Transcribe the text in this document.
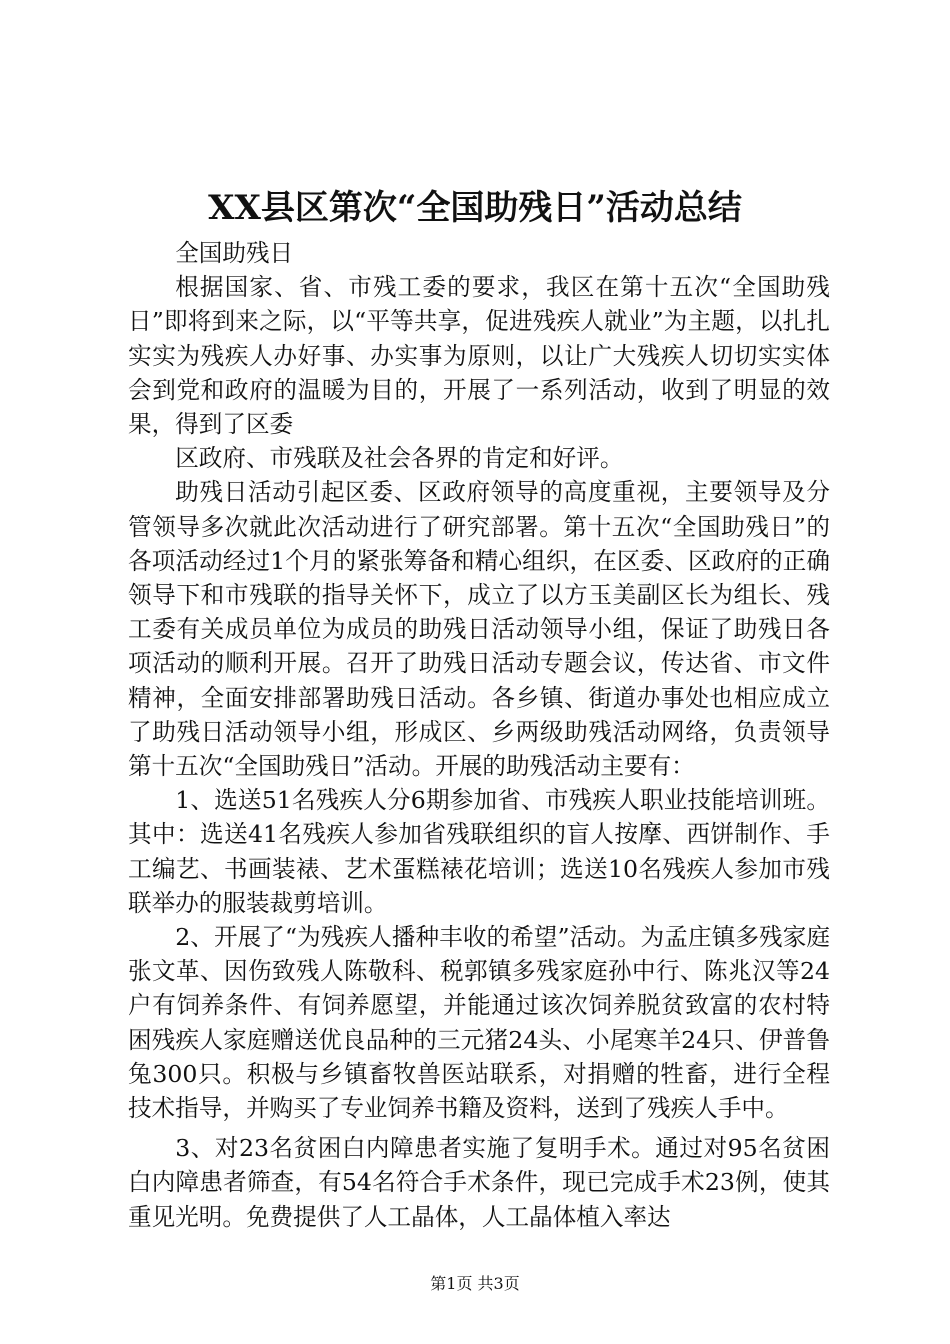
XX县区第次“全国助残日”活动总结

全国助残日

根据国家、省、市残工委的要求，我区在第十五次“全国助残日”即将到来之际，以“平等共享，促进残疾人就业”为主题，以扎扎实实为残疾人办好事、办实事为原则，以让广大残疾人切切实实体会到党和政府的温暖为目的，开展了一系列活动，收到了明显的效果，得到了区委

区政府、市残联及社会各界的肯定和好评。

助残日活动引起区委、区政府领导的高度重视，主要领导及分管领导多次就此次活动进行了研究部署。第十五次“全国助残日”的各项活动经过1个月的紧张筹备和精心组织，在区委、区政府的正确领导下和市残联的指导关怀下，成立了以方玉美副区长为组长、残工委有关成员单位为成员的助残日活动领导小组，保证了助残日各项活动的顺利开展。召开了助残日活动专题会议，传达省、市文件精神，全面安排部署助残日活动。各乡镇、街道办事处也相应成立了助残日活动领导小组，形成区、乡两级助残活动网络，负责领导第十五次“全国助残日”活动。开展的助残活动主要有：

1、选送51名残疾人分6期参加省、市残疾人职业技能培训班。其中：选送41名残疾人参加省残联组织的盲人按摩、西饼制作、手工编艺、书画装裱、艺术蛋糕裱花培训；选送10名残疾人参加市残联举办的服装裁剪培训。

2、开展了“为残疾人播种丰收的希望”活动。为孟庄镇多残家庭张文革、因伤致残人陈敬科、税郭镇多残家庭孙中行、陈兆汉等24户有饲养条件、有饲养愿望，并能通过该次饲养脱贫致富的农村特困残疾人家庭赠送优良品种的三元猪24头、小尾寒羊24只、伊普鲁兔300只。积极与乡镇畜牧兽医站联系，对捐赠的牲畜，进行全程技术指导，并购买了专业饲养书籍及资料，送到了残疾人手中。

3、对23名贫困白内障患者实施了复明手术。通过对95名贫困白内障患者筛查，有54名符合手术条件，现已完成手术23例，使其重见光明。免费提供了人工晶体，人工晶体植入率达

第1页 共3页
